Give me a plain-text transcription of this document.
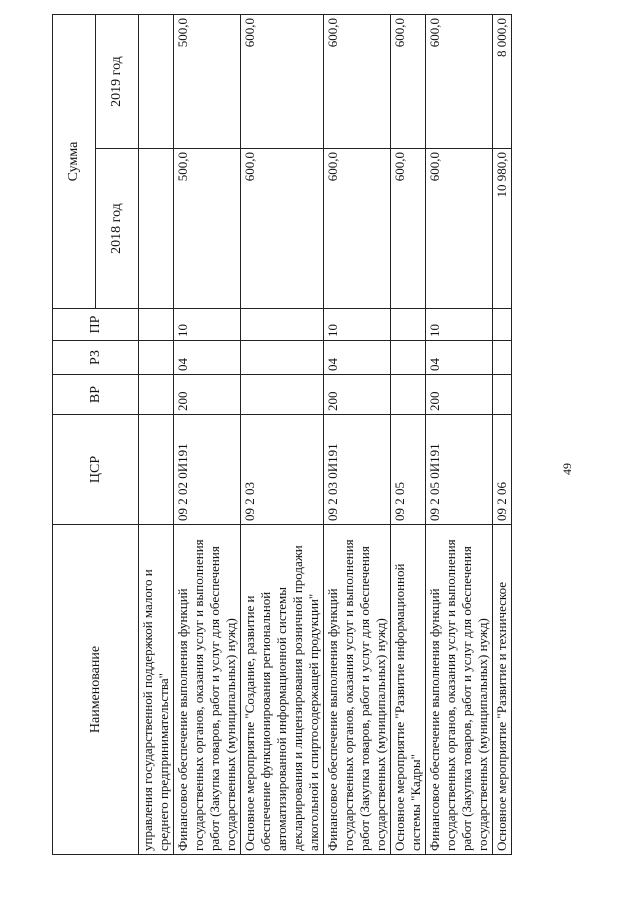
49
Наименование	ЦСР	ВР	РЗ	ПР	Сумма	
					2018 год	2019 год
управления государственной поддержкой малого и среднего предпринимательства"						
Финансовое обеспечение выполнения функций государственных органов, оказания услуг и выполнения работ (Закупка товаров, работ и услуг для обеспечения государственных (муниципальных) нужд)	09 2 02 0И191	200	04	10	500,0	500,0
Основное мероприятие "Создание, развитие и обеспечение функционирования региональной автоматизированной информационной системы декларирования и лицензирования розничной продажи алкогольной и спиртосодержащей продукции"	09 2 03				600,0	600,0
Финансовое обеспечение выполнения функций государственных органов, оказания услуг и выполнения работ (Закупка товаров, работ и услуг для обеспечения государственных (муниципальных) нужд)	09 2 03 0И191	200	04	10	600,0	600,0
Основное мероприятие "Развитие информационной системы "Кадры"	09 2 05				600,0	600,0
Финансовое обеспечение выполнения функций государственных органов, оказания услуг и выполнения работ (Закупка товаров, работ и услуг для обеспечения государственных (муниципальных) нужд)	09 2 05 0И191	200	04	10	600,0	600,0
Основное мероприятие "Развитие и техническое	09 2 06				10 980,0	8 000,0
